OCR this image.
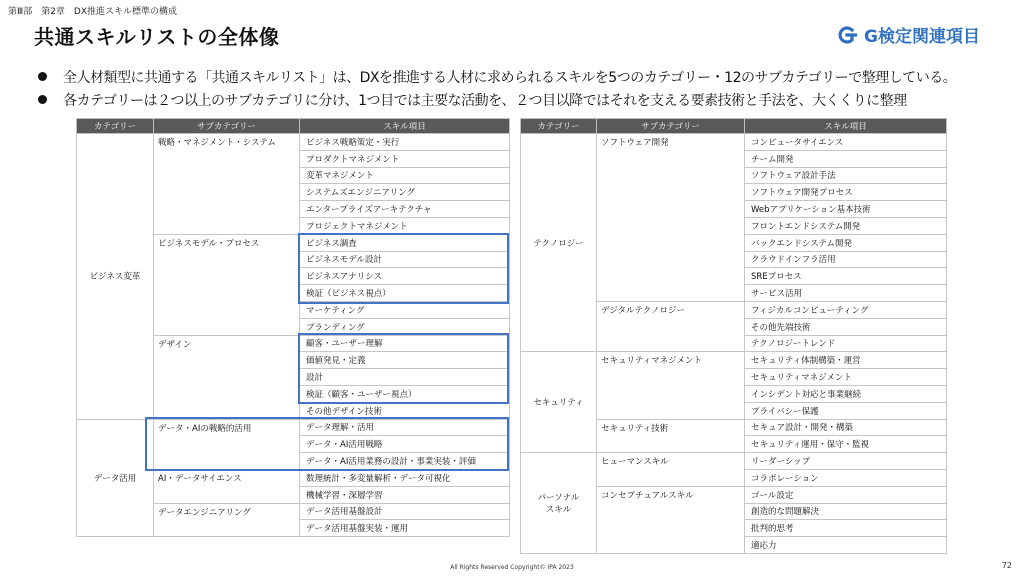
第Ⅲ部　第2章　DX推進スキル標準の構成
共通スキルリストの全体像	G検定関連項目
全人材類型に共通する「共通スキルリスト」は、DXを推進する人材に求められるスキルを5つのカテゴリー・12のサブカテゴリーで整理している。
各カテゴリーは２つ以上のサブカテゴリに分け、1つ目では主要な活動を、２つ目以降ではそれを支える要素技術と手法を、大くくりに整理
カテゴリー	サブカテゴリー	スキル項目
ビジネス変革	戦略・マネジメント・システム	ビジネス戦略策定・実行
		プロダクトマネジメント
		変革マネジメント
		システムズエンジニアリング
		エンタープライズアーキテクチャ
		プロジェクトマネジメント
	ビジネスモデル・プロセス	ビジネス調査
		ビジネスモデル設計
		ビジネスアナリシス
		検証（ビジネス視点）
		マーケティング
		ブランディング
	デザイン	顧客・ユーザー理解
		価値発見・定義
		設計
		検証（顧客・ユーザー視点）
		その他デザイン技術
データ活用	データ・AIの戦略的活用	データ理解・活用
		データ・AI活用戦略
		データ・AI活用業務の設計・事業実装・評価
	AI・データサイエンス	数理統計・多変量解析・データ可視化
		機械学習・深層学習
	データエンジニアリング	データ活用基盤設計
		データ活用基盤実装・運用
カテゴリー	サブカテゴリー	スキル項目
テクノロジー	ソフトウェア開発	コンピュータサイエンス
		チーム開発
		ソフトウェア設計手法
		ソフトウェア開発プロセス
		Webアプリケーション基本技術
		フロントエンドシステム開発
		バックエンドシステム開発
		クラウドインフラ活用
		SREプロセス
		サービス活用
	デジタルテクノロジー	フィジカルコンピューティング
		その他先端技術
		テクノロジートレンド
セキュリティ	セキュリティマネジメント	セキュリティ体制構築・運営
		セキュリティマネジメント
		インシデント対応と事業継続
		プライバシー保護
	セキュリティ技術	セキュア設計・開発・構築
		セキュリティ運用・保守・監視
パーソナル
スキル	ヒューマンスキル	リーダーシップ
		コラボレーション
	コンセプチュアルスキル	ゴール設定
		創造的な問題解決
		批判的思考
		適応力
All Rights Reserved Copyright© IPA 2023	72
